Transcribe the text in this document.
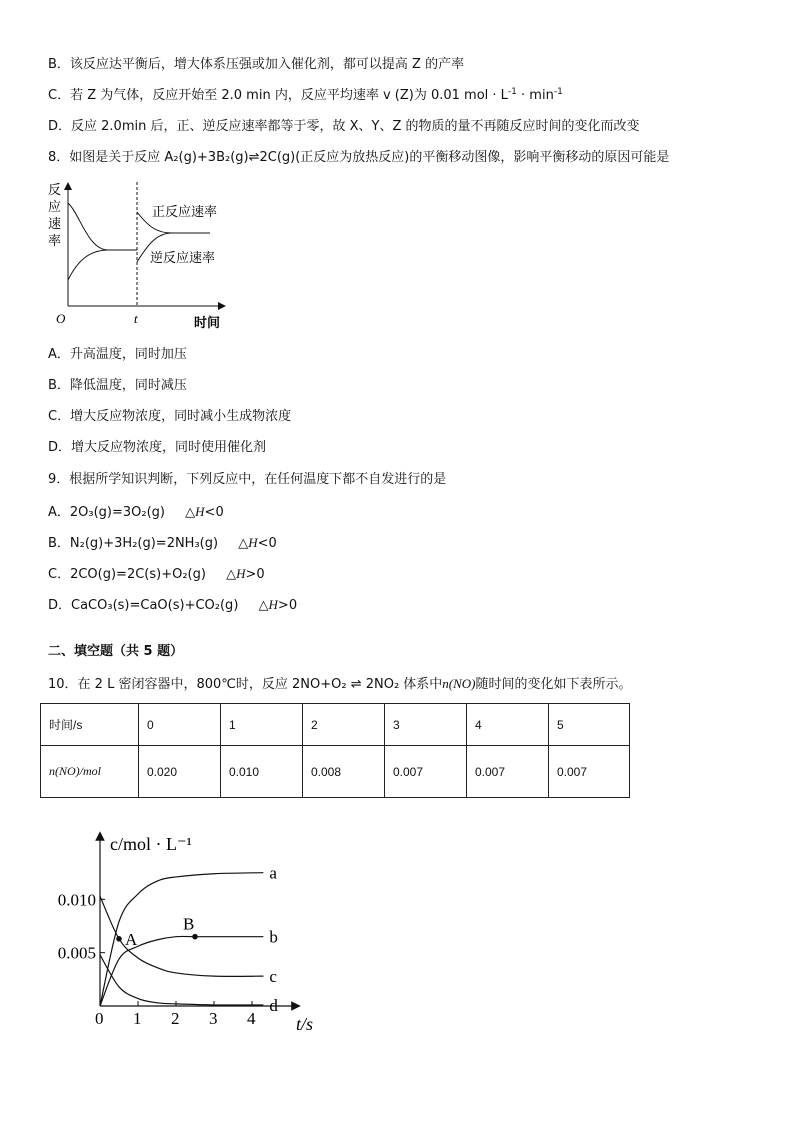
B．该反应达平衡后，增大体系压强或加入催化剂，都可以提高 Z 的产率
C．若 Z 为气体，反应开始至 2.0 min 内，反应平均速率 v (Z)为 0.01 mol · $L^{-1} \cdot \min^{-1}$
D．反应 2.0min 后，正、逆反应速率都等于零，故 X、Y、Z 的物质的量不再随反应时间的变化而改变
8．如图是关于反应 A₂(g)+3B₂(g)⇌2C(g)(正反应为放热反应)的平衡移动图像，影响平衡移动的原因可能是
反
应
速
率
正反应速率
逆反应速率
O	t	时间
A．升高温度，同时加压
B．降低温度，同时减压
C．增大反应物浓度，同时减小生成物浓度
D．增大反应物浓度，同时使用催化剂
9．根据所学知识判断，下列反应中，在任何温度下都不自发进行的是
A．2O₃(g)=3O₂(g) △H<0
B．N₂(g)+3H₂(g)=2NH₃(g) △H<0
C．2CO(g)=2C(s)+O₂(g) △H>0
D．CaCO₃(s)=CaO(s)+CO₂(g) △H>0
二、填空题（共 5 题）
10．在 2 L 密闭容器中，800℃时，反应 2NO+O₂ ⇌ 2NO₂ 体系中n(NO)随时间的变化如下表所示。
时间/s	0	1	2	3	4	5
n(NO)/mol	0.020	0.010	0.008	0.007	0.007	0.007
c/mol · L⁻¹
t/s
0 1 2 3 4
0.010
0.005
a
b
c
d
A
B
